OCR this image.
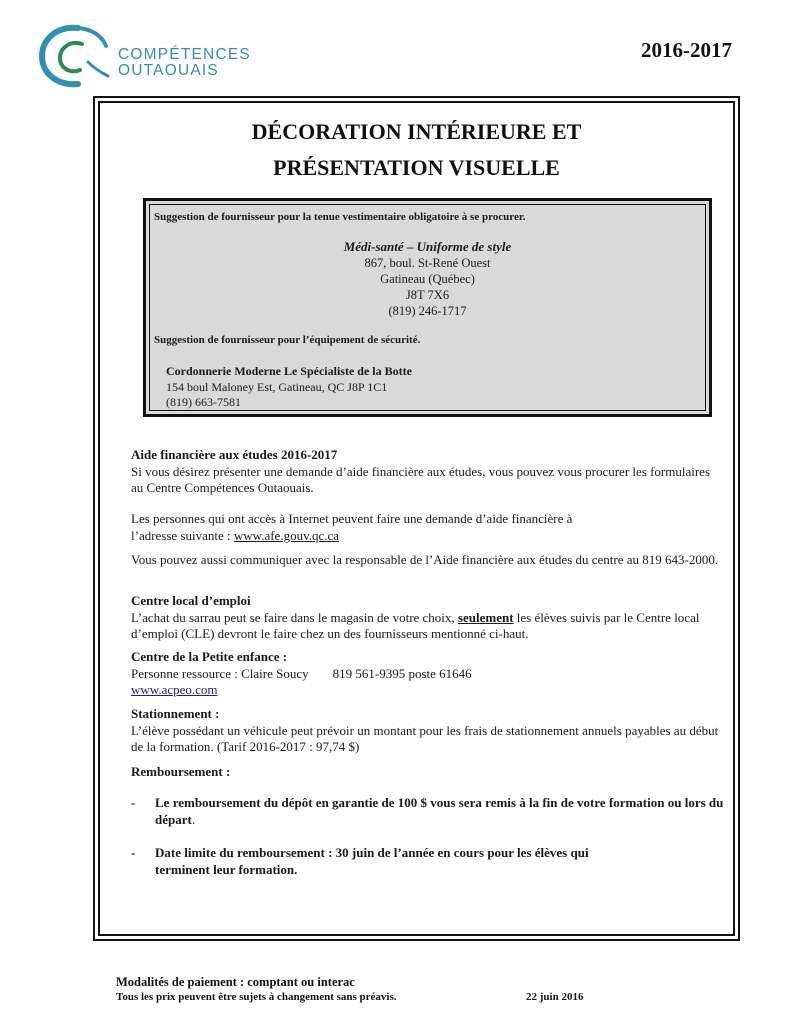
COMPÉTENCES
OUTAOUAIS
2016-2017
DÉCORATION INTÉRIEURE ET
PRÉSENTATION VISUELLE
Suggestion de fournisseur pour la tenue vestimentaire obligatoire à se procurer.
Médi-santé – Uniforme de style
867, boul. St-René Ouest
Gatineau (Québec)
J8T 7X6
(819) 246-1717
Suggestion de fournisseur pour l’équipement de sécurité.
Cordonnerie Moderne Le Spécialiste de la Botte
154 boul Maloney Est, Gatineau, QC J8P 1C1
(819) 663-7581

Aide financière aux études 2016-2017

Si vous désirez présenter une demande d’aide financière aux études, vous pouvez vous procurer les formulaires au Centre Compétences Outaouais.

Les personnes qui ont accès à Internet peuvent faire une demande d’aide financière à

l’adresse suivante : www.afe.gouv.qc.ca

Vous pouvez aussi communiquer avec la responsable de l’Aide financière aux études du centre au 819 643-2000.

Centre local d’emploi

L’achat du sarrau peut se faire dans le magasin de votre choix, seulement les élèves suivis par le Centre local d’emploi (CLE) devront le faire chez un des fournisseurs mentionné ci-haut.

Centre de la Petite enfance :

Personne ressource : Claire Soucy 819 561-9395 poste 61646

www.acpeo.com

Stationnement :

L’élève possédant un véhicule peut prévoir un montant pour les frais de stationnement annuels payables au début de la formation. (Tarif 2016-2017 : 97,74 $)

Remboursement :

- Le remboursement du dépôt en garantie de 100 $ vous sera remis à la fin de votre formation ou lors du départ.
- Date limite du remboursement : 30 juin de l’année en cours pour les élèves qui terminent leur formation.
Modalités de paiement : comptant ou interac
Tous les prix peuvent être sujets à changement sans préavis.	22 juin 2016
